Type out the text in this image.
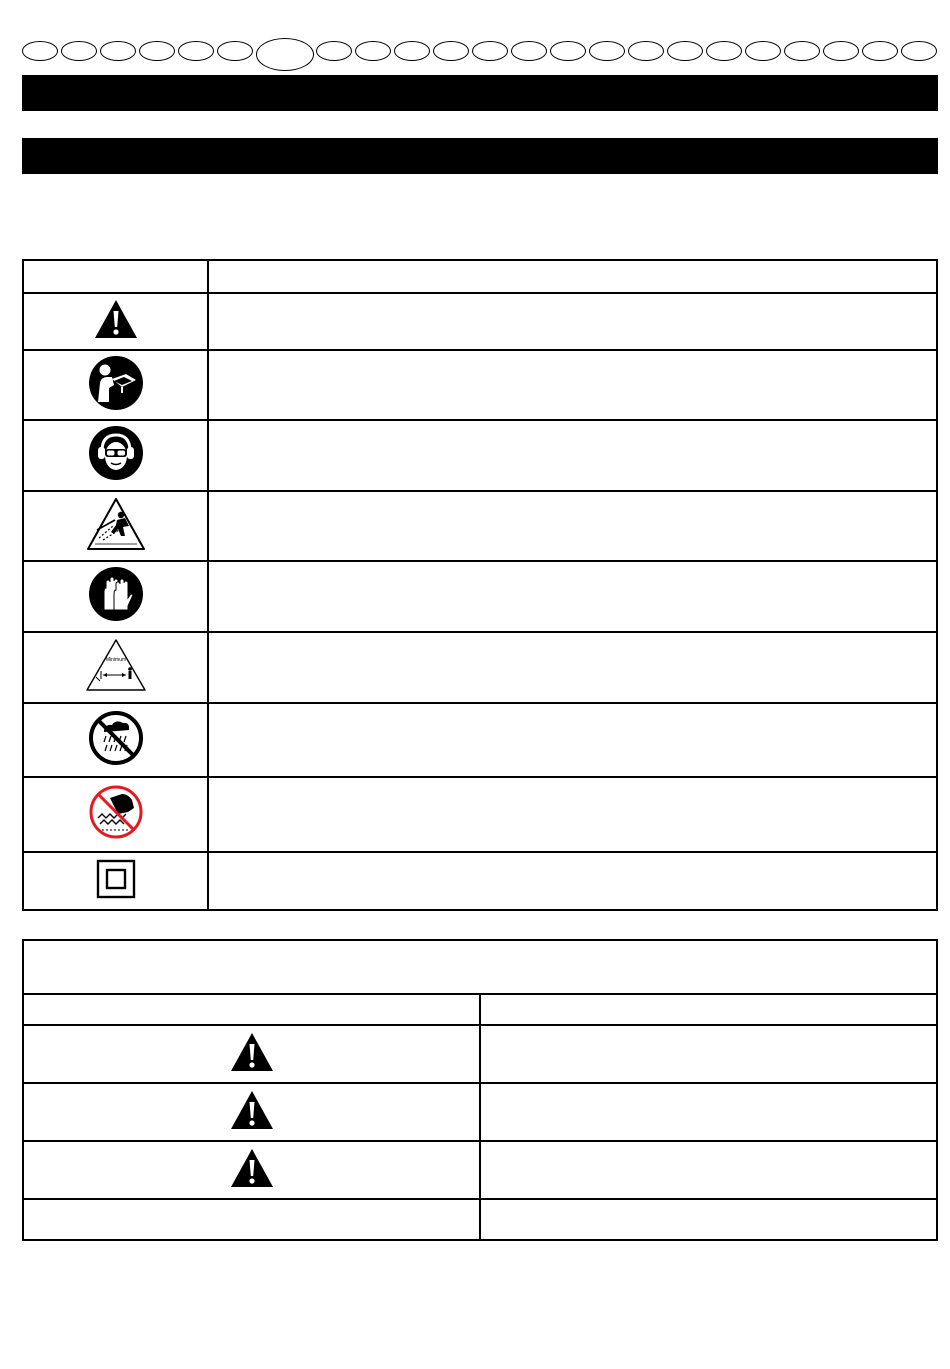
Minimum	
